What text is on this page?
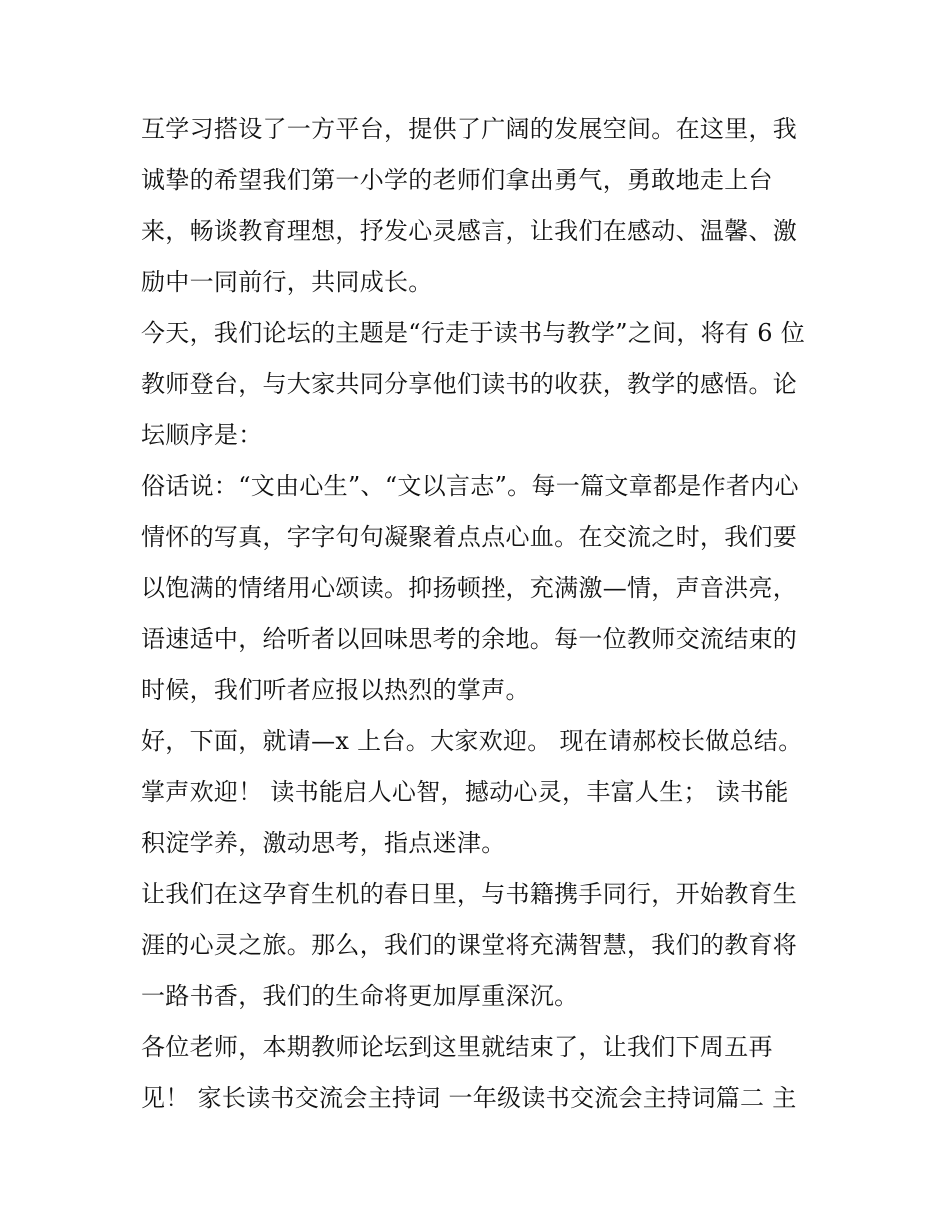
互学习搭设了一方平台，提供了广阔的发展空间。在这里，我
诚挚的希望我们第一小学的老师们拿出勇气，勇敢地走上台
来，畅谈教育理想，抒发心灵感言，让我们在感动、温馨、激
励中一同前行，共同成长。
今天，我们论坛的主题是“行走于读书与教学”之间，将有 6 位
教师登台，与大家共同分享他们读书的收获，教学的感悟。论
坛顺序是：
俗话说：“文由心生”、“文以言志”。每一篇文章都是作者内心
情怀的写真，字字句句凝聚着点点心血。在交流之时，我们要
以饱满的情绪用心颂读。抑扬顿挫，充满激—情，声音洪亮，
语速适中，给听者以回味思考的余地。每一位教师交流结束的
时候，我们听者应报以热烈的掌声。
好，下面，就请—x 上台。大家欢迎。 现在请郝校长做总结。
掌声欢迎！ 读书能启人心智，撼动心灵，丰富人生； 读书能
积淀学养，激动思考，指点迷津。
让我们在这孕育生机的春日里，与书籍携手同行，开始教育生
涯的心灵之旅。那么，我们的课堂将充满智慧，我们的教育将
一路书香，我们的生命将更加厚重深沉。
各位老师，本期教师论坛到这里就结束了，让我们下周五再
见！ 家长读书交流会主持词 一年级读书交流会主持词篇二 主
